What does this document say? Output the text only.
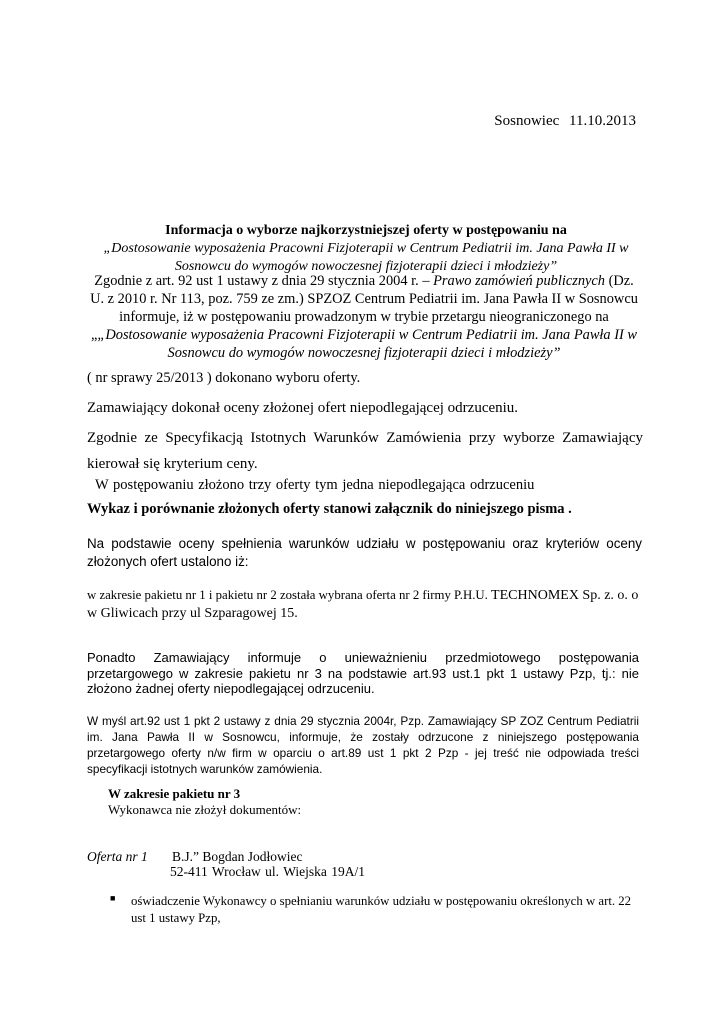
Sosnowiec 11.10.2013
Informacja o wyborze najkorzystniejszej oferty w postępowaniu na
„Dostosowanie wyposażenia Pracowni Fizjoterapii w Centrum Pediatrii im. Jana Pawła II w Sosnowcu do wymogów nowoczesnej fizjoterapii dzieci i młodzieży”
Zgodnie z art. 92 ust 1 ustawy z dnia 29 stycznia 2004 r. – Prawo zamówień publicznych (Dz. U. z 2010 r. Nr 113, poz. 759 ze zm.) SPZOZ Centrum Pediatrii im. Jana Pawła II w Sosnowcu informuje, iż w postępowaniu prowadzonym w trybie przetargu nieograniczonego na „„Dostosowanie wyposażenia Pracowni Fizjoterapii w Centrum Pediatrii im. Jana Pawła II w Sosnowcu do wymogów nowoczesnej fizjoterapii dzieci i młodzieży”
( nr sprawy 25/2013 ) dokonano wyboru oferty.
Zamawiający dokonał oceny złożonej ofert niepodlegającej odrzuceniu.
Zgodnie ze Specyfikacją Istotnych Warunków Zamówienia przy wyborze Zamawiający kierował się kryterium ceny.
W postępowaniu złożono trzy oferty tym jedna niepodlegająca odrzuceniu
Wykaz i porównanie złożonych oferty stanowi załącznik do niniejszego pisma .
Na podstawie oceny spełnienia warunków udziału w postępowaniu oraz kryteriów oceny złożonych ofert ustalono iż:
w zakresie pakietu nr 1 i pakietu nr 2 została wybrana oferta nr 2 firmy P.H.U. TECHNOMEX Sp. z. o. o w Gliwicach przy ul Szparagowej 15.
Ponadto Zamawiający informuje o unieważnieniu przedmiotowego postępowania przetargowego w zakresie pakietu nr 3 na podstawie art.93 ust.1 pkt 1 ustawy Pzp, tj.: nie złożono żadnej oferty niepodlegającej odrzuceniu.
W myśl art.92 ust 1 pkt 2 ustawy z dnia 29 stycznia 2004r, Pzp. Zamawiający SP ZOZ Centrum Pediatrii im. Jana Pawła II w Sosnowcu, informuje, że zostały odrzucone z niniejszego postępowania przetargowego oferty n/w firm w oparciu o art.89 ust 1 pkt 2 Pzp - jej treść nie odpowiada treści specyfikacji istotnych warunków zamówienia.
W zakresie pakietu nr 3
Wykonawca nie złożył dokumentów:
Oferta nr 1 B.J.” Bogdan Jodłowiec
52-411 Wrocław ul. Wiejska 19A/1
■ oświadczenie Wykonawcy o spełnianiu warunków udziału w postępowaniu określonych w art. 22 ust 1 ustawy Pzp,
